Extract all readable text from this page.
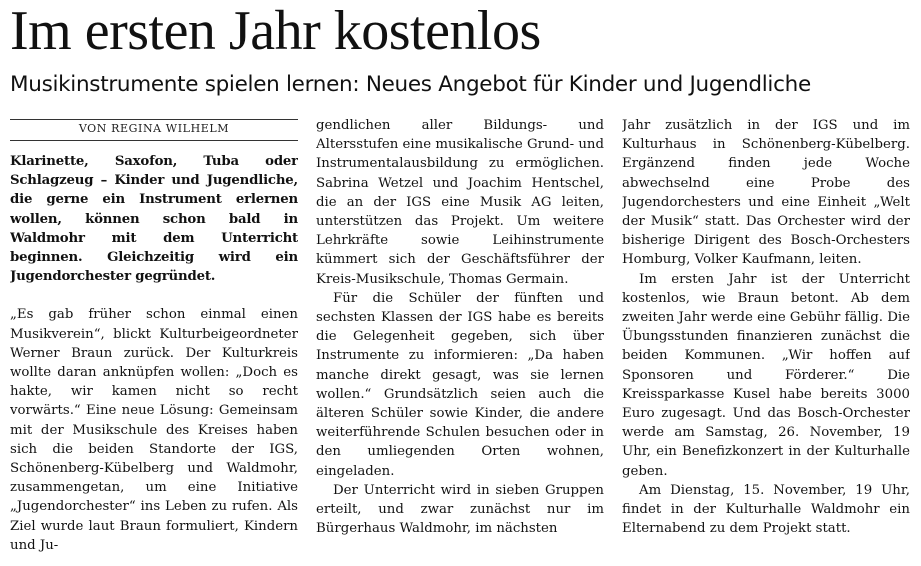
Im ersten Jahr kostenlos
Musikinstrumente spielen lernen: Neues Angebot für Kinder und Jugendliche
VON REGINA WILHELM

Klarinette, Saxofon, Tuba oder Schlagzeug – Kinder und Jugendliche, die gerne ein Instrument erlernen wollen, können schon bald in Waldmohr mit dem Unterricht beginnen. Gleichzeitig wird ein Jugendorchester gegründet.

„Es gab früher schon einmal einen Musikverein“, blickt Kulturbeigeordneter Werner Braun zurück. Der Kulturkreis wollte daran anknüpfen wollen: „Doch es hakte, wir kamen nicht so recht vorwärts.“ Eine neue Lösung: Gemeinsam mit der Musikschule des Kreises haben sich die beiden Standorte der IGS, Schönenberg-Kübelberg und Waldmohr, zusammengetan, um eine Initiative „Jugendorchester“ ins Leben zu rufen. Als Ziel wurde laut Braun formuliert, Kindern und Ju-

gendlichen aller Bildungs- und Altersstufen eine musikalische Grund- und Instrumentalausbildung zu ermöglichen. Sabrina Wetzel und Joachim Hentschel, die an der IGS eine Musik AG leiten, unterstützen das Projekt. Um weitere Lehrkräfte sowie Leihinstrumente kümmert sich der Geschäftsführer der Kreis-Musikschule, Thomas Germain.

Für die Schüler der fünften und sechsten Klassen der IGS habe es bereits die Gelegenheit gegeben, sich über Instrumente zu informieren: „Da haben manche direkt gesagt, was sie lernen wollen.“ Grundsätzlich seien auch die älteren Schüler sowie Kinder, die andere weiterführende Schulen besuchen oder in den umliegenden Orten wohnen, eingeladen.

Der Unterricht wird in sieben Gruppen erteilt, und zwar zunächst nur im Bürgerhaus Waldmohr, im nächsten

Jahr zusätzlich in der IGS und im Kulturhaus in Schönenberg-Kübelberg. Ergänzend finden jede Woche abwechselnd eine Probe des Jugendorchesters und eine Einheit „Welt der Musik“ statt. Das Orchester wird der bisherige Dirigent des Bosch-Orchesters Homburg, Volker Kaufmann, leiten.

Im ersten Jahr ist der Unterricht kostenlos, wie Braun betont. Ab dem zweiten Jahr werde eine Gebühr fällig. Die Übungsstunden finanzieren zunächst die beiden Kommunen. „Wir hoffen auf Sponsoren und Förderer.“ Die Kreissparkasse Kusel habe bereits 3000 Euro zugesagt. Und das Bosch-Orchester werde am Samstag, 26. November, 19 Uhr, ein Benefizkonzert in der Kulturhalle geben.

Am Dienstag, 15. November, 19 Uhr, findet in der Kulturhalle Waldmohr ein Elternabend zu dem Projekt statt.
